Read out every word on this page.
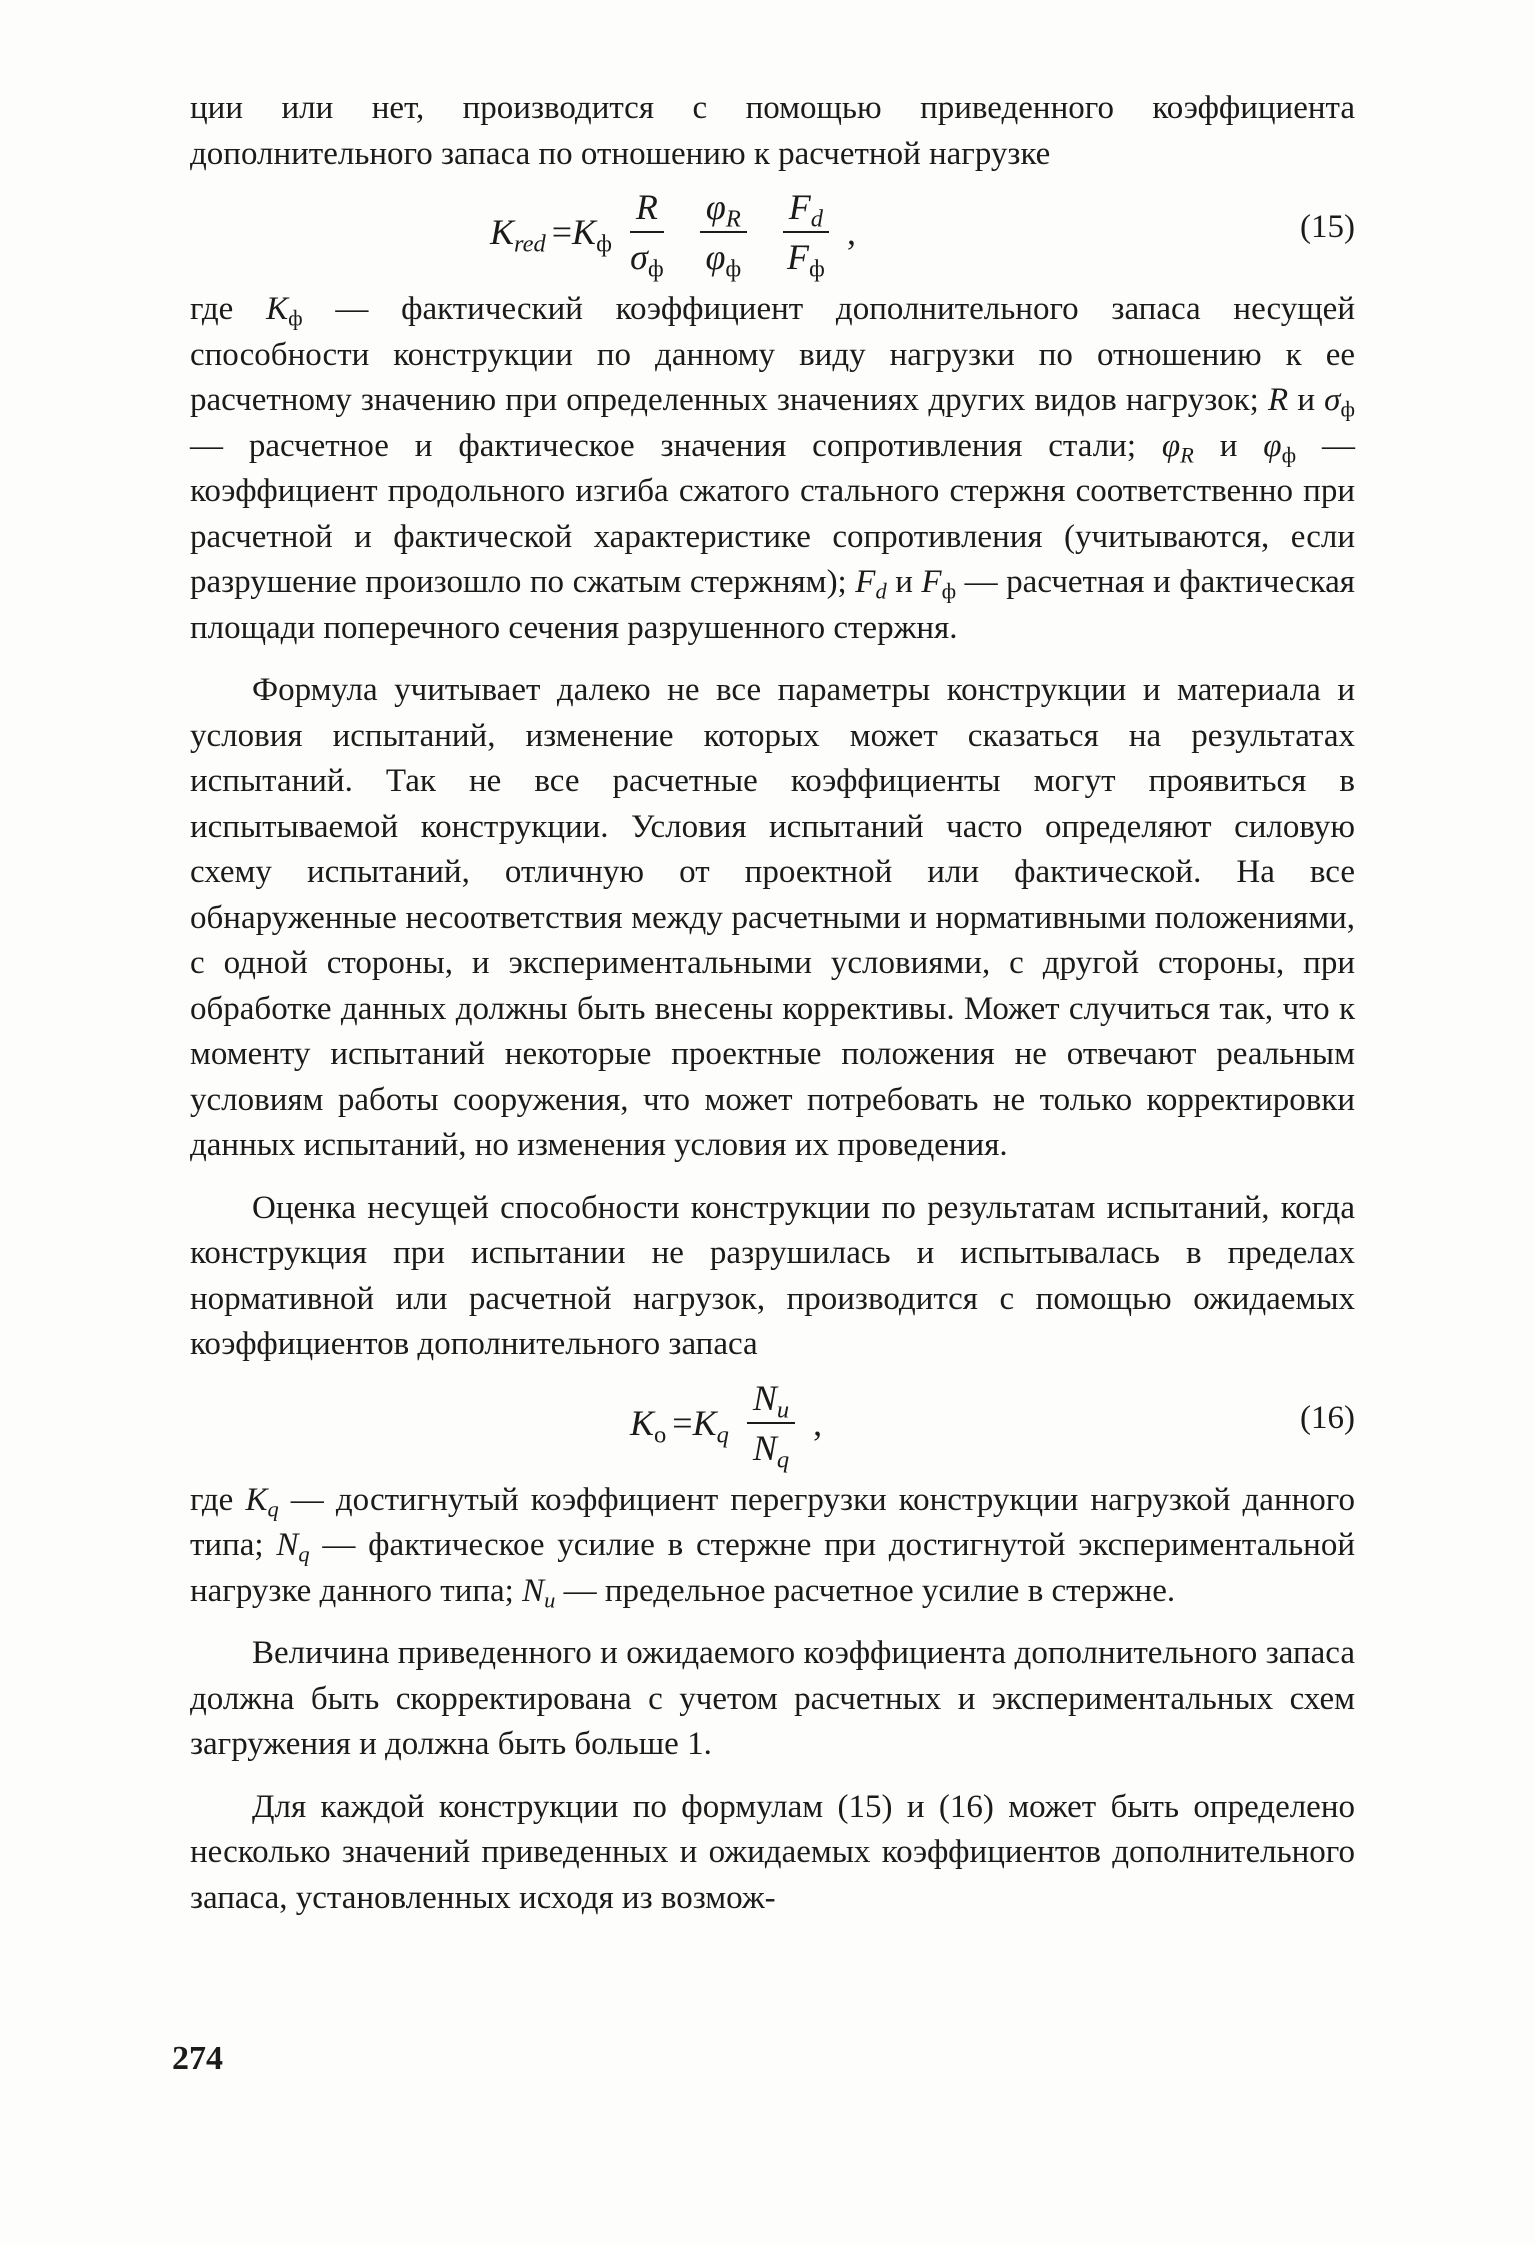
ции или нет, производится с помощью приведенного коэффициента дополнительного запаса по отношению к расчетной нагрузке

$K_{red} = K_ф \frac{R}{\sigma_ф} \frac{\varphi_R}{\varphi_ф} \frac{F_d}{F_ф}$ ,	(15)

где $K_ф$ — фактический коэффициент дополнительного запаса несущей способности конструкции по данному виду нагрузки по отношению к ее расчетному значению при определенных значениях других видов нагрузок; R и $\sigma_ф$ — расчетное и фактическое значения сопротивления стали; $\varphi_R$ и $\varphi_ф$ — коэффициент продольного изгиба сжатого стального стержня соответственно при расчетной и фактической характеристике сопротивления (учитываются, если разрушение произошло по сжатым стержням); $F_d$ и $F_ф$ — расчетная и фактическая площади поперечного сечения разрушенного стержня.

Формула учитывает далеко не все параметры конструкции и материала и условия испытаний, изменение которых может сказаться на результатах испытаний. Так не все расчетные коэффициенты могут проявиться в испытываемой конструкции. Условия испытаний часто определяют силовую схему испытаний, отличную от проектной или фактической. На все обнаруженные несоответствия между расчетными и нормативными положениями, с одной стороны, и экспериментальными условиями, с другой стороны, при обработке данных должны быть внесены коррективы. Может случиться так, что к моменту испытаний некоторые проектные положения не отвечают реальным условиям работы сооружения, что может потребовать не только корректировки данных испытаний, но изменения условия их проведения.

Оценка несущей способности конструкции по результатам испытаний, когда конструкция при испытании не разрушилась и испытывалась в пределах нормативной или расчетной нагрузок, производится с помощью ожидаемых коэффициентов дополнительного запаса

$K_o = K_q \frac{N_u}{N_q}$ ,	(16)

где $K_q$ — достигнутый коэффициент перегрузки конструкции нагрузкой данного типа; $N_q$ — фактическое усилие в стержне при достигнутой экспериментальной нагрузке данного типа; $N_u$ — предельное расчетное усилие в стержне.

Величина приведенного и ожидаемого коэффициента дополнительного запаса должна быть скорректирована с учетом расчетных и экспериментальных схем загружения и должна быть больше 1.

Для каждой конструкции по формулам (15) и (16) может быть определено несколько значений приведенных и ожидаемых коэффициентов дополнительного запаса, установленных исходя из возмож-

274
